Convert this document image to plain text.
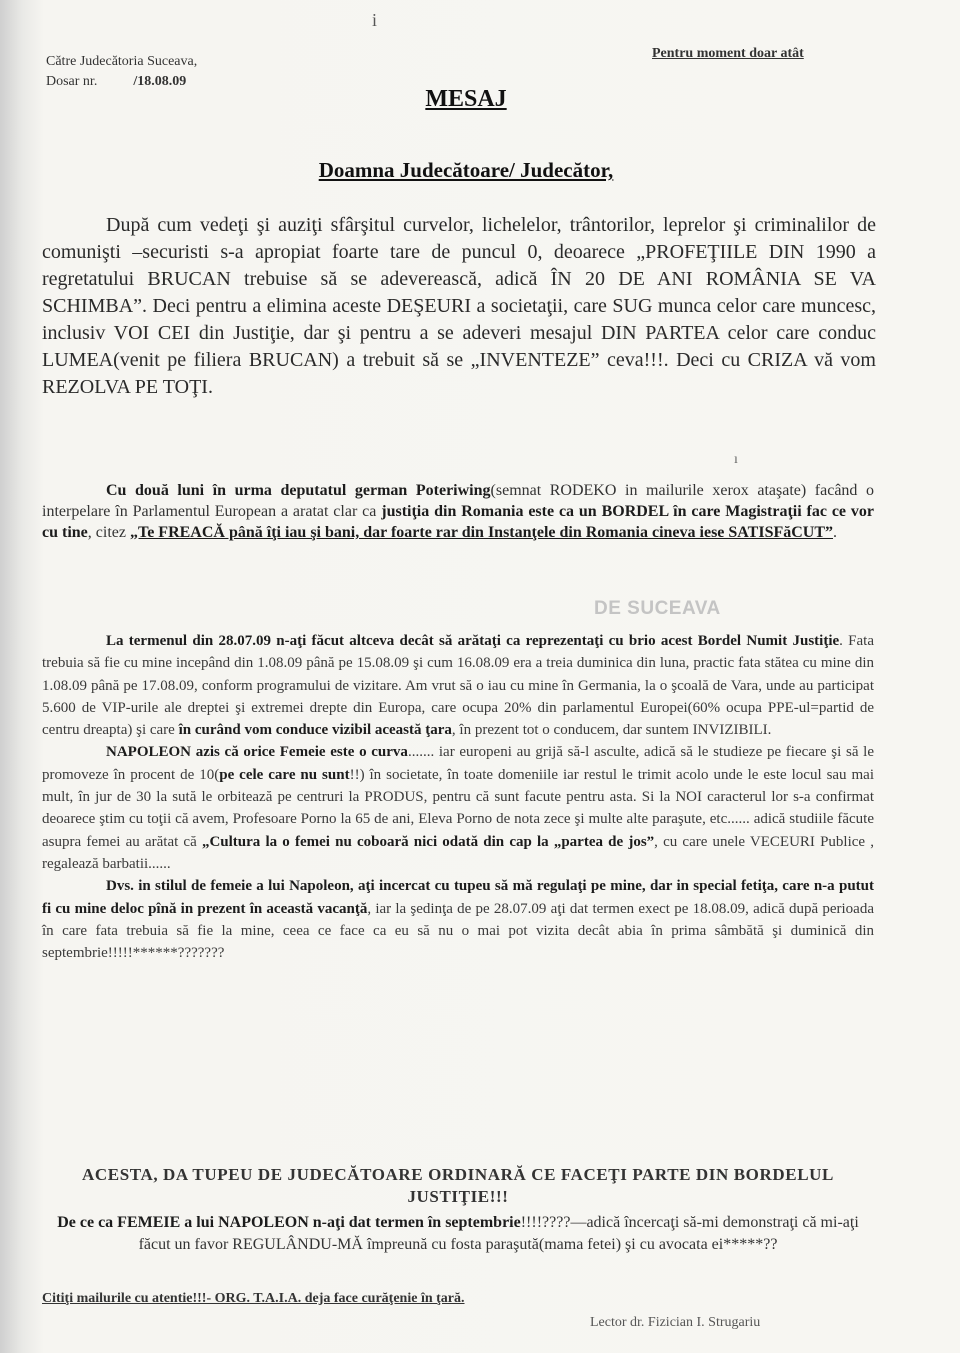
i
Către Judecătoria Suceava,
Dosar nr.	/18.08.09
Pentru moment doar atât
MESAJ
Doamna Judecătoare/ Judecător,
După cum vedeţi şi auziţi sfârşitul curvelor, lichelelor, trântorilor, leprelor şi criminalilor de comunişti –securisti s-a apropiat foarte tare de puncul 0, deoarece „PROFEŢIILE DIN 1990 a regretatului BRUCAN trebuise să se adeverească, adică ÎN 20 DE ANI ROMÂNIA SE VA SCHIMBA”. Deci pentru a elimina aceste DEŞEURI a societaţii, care SUG munca celor care muncesc, inclusiv VOI CEI din Justiţie, dar şi pentru a se adeveri mesajul DIN PARTEA celor care conduc LUMEA(venit pe filiera BRUCAN) a trebuit să se „INVENTEZE” ceva!!!. Deci cu CRIZA vă vom REZOLVA PE TOŢI.
ı
Cu două luni în urma deputatul german Poteriwing(semnat RODEKO in mailurile xerox ataşate) facând o interpelare în Parlamentul European a aratat clar ca justiţia din Romania este ca un BORDEL în care Magistraţii fac ce vor cu tine, citez „Te FREACĂ până îţi iau şi bani, dar foarte rar din Instanţele din Romania cineva iese SATISFăCUT”.
DE SUCEAVA
La termenul din 28.07.09 n-aţi făcut altceva decât să arătaţi ca reprezentaţi cu brio acest Bordel Numit Justiţie. Fata trebuia să fie cu mine incepând din 1.08.09 până pe 15.08.09 şi cum 16.08.09 era a treia duminica din luna, practic fata stătea cu mine din 1.08.09 până pe 17.08.09, conform programului de vizitare. Am vrut să o iau cu mine în Germania, la o şcoală de Vara, unde au participat 5.600 de VIP-urile ale dreptei şi extremei drepte din Europa, care ocupa 20% din parlamentul Europei(60% ocupa PPE-ul=partid de centru dreapta) şi care în curând vom conduce vizibil această ţara, în prezent tot o conducem, dar suntem INVIZIBILI.
NAPOLEON azis că orice Femeie este o curva....... iar europeni au grijă să-l asculte, adică să le studieze pe fiecare şi să le promoveze în procent de 10(pe cele care nu sunt!!) în societate, în toate domeniile iar restul le trimit acolo unde le este locul sau mai mult, în jur de 30 la sută le orbitează pe centruri la PRODUS, pentru că sunt facute pentru asta. Si la NOI caracterul lor s-a confirmat deoarece ştim cu toţii că avem, Profesoare Porno la 65 de ani, Eleva Porno de nota zece şi multe alte paraşute, etc...... adică studiile făcute asupra femei au arătat că „Cultura la o femei nu coboară nici odată din cap la „partea de jos”, cu care unele VECEURI Publice , regalează barbatii......
Dvs. in stilul de femeie a lui Napoleon, aţi incercat cu tupeu să mă regulaţi pe mine, dar in special fetiţa, care n-a putut fi cu mine deloc pînă in prezent în această vacanţă, iar la şedinţa de pe 28.07.09 aţi dat termen exect pe 18.08.09, adică după perioada în care fata trebuia să fie la mine, ceea ce face ca eu să nu o mai pot vizita decât abia în prima sâmbătă şi duminică din septembrie!!!!!******???????
ACESTA, DA TUPEU DE JUDECĂTOARE ORDINARĂ CE FACEŢI PARTE DIN BORDELUL JUSTIŢIE!!!
De ce ca FEMEIE a lui NAPOLEON n-aţi dat termen în septembrie!!!!????—adică încercaţi să-mi demonstraţi că mi-aţi făcut un favor REGULÂNDU-MĂ împreună cu fosta paraşută(mama fetei) şi cu avocata ei*****??
Citiţi mailurile cu atentie!!!- ORG. T.A.I.A. deja face curăţenie în ţară.
Lector dr. Fizician I. Strugariu
